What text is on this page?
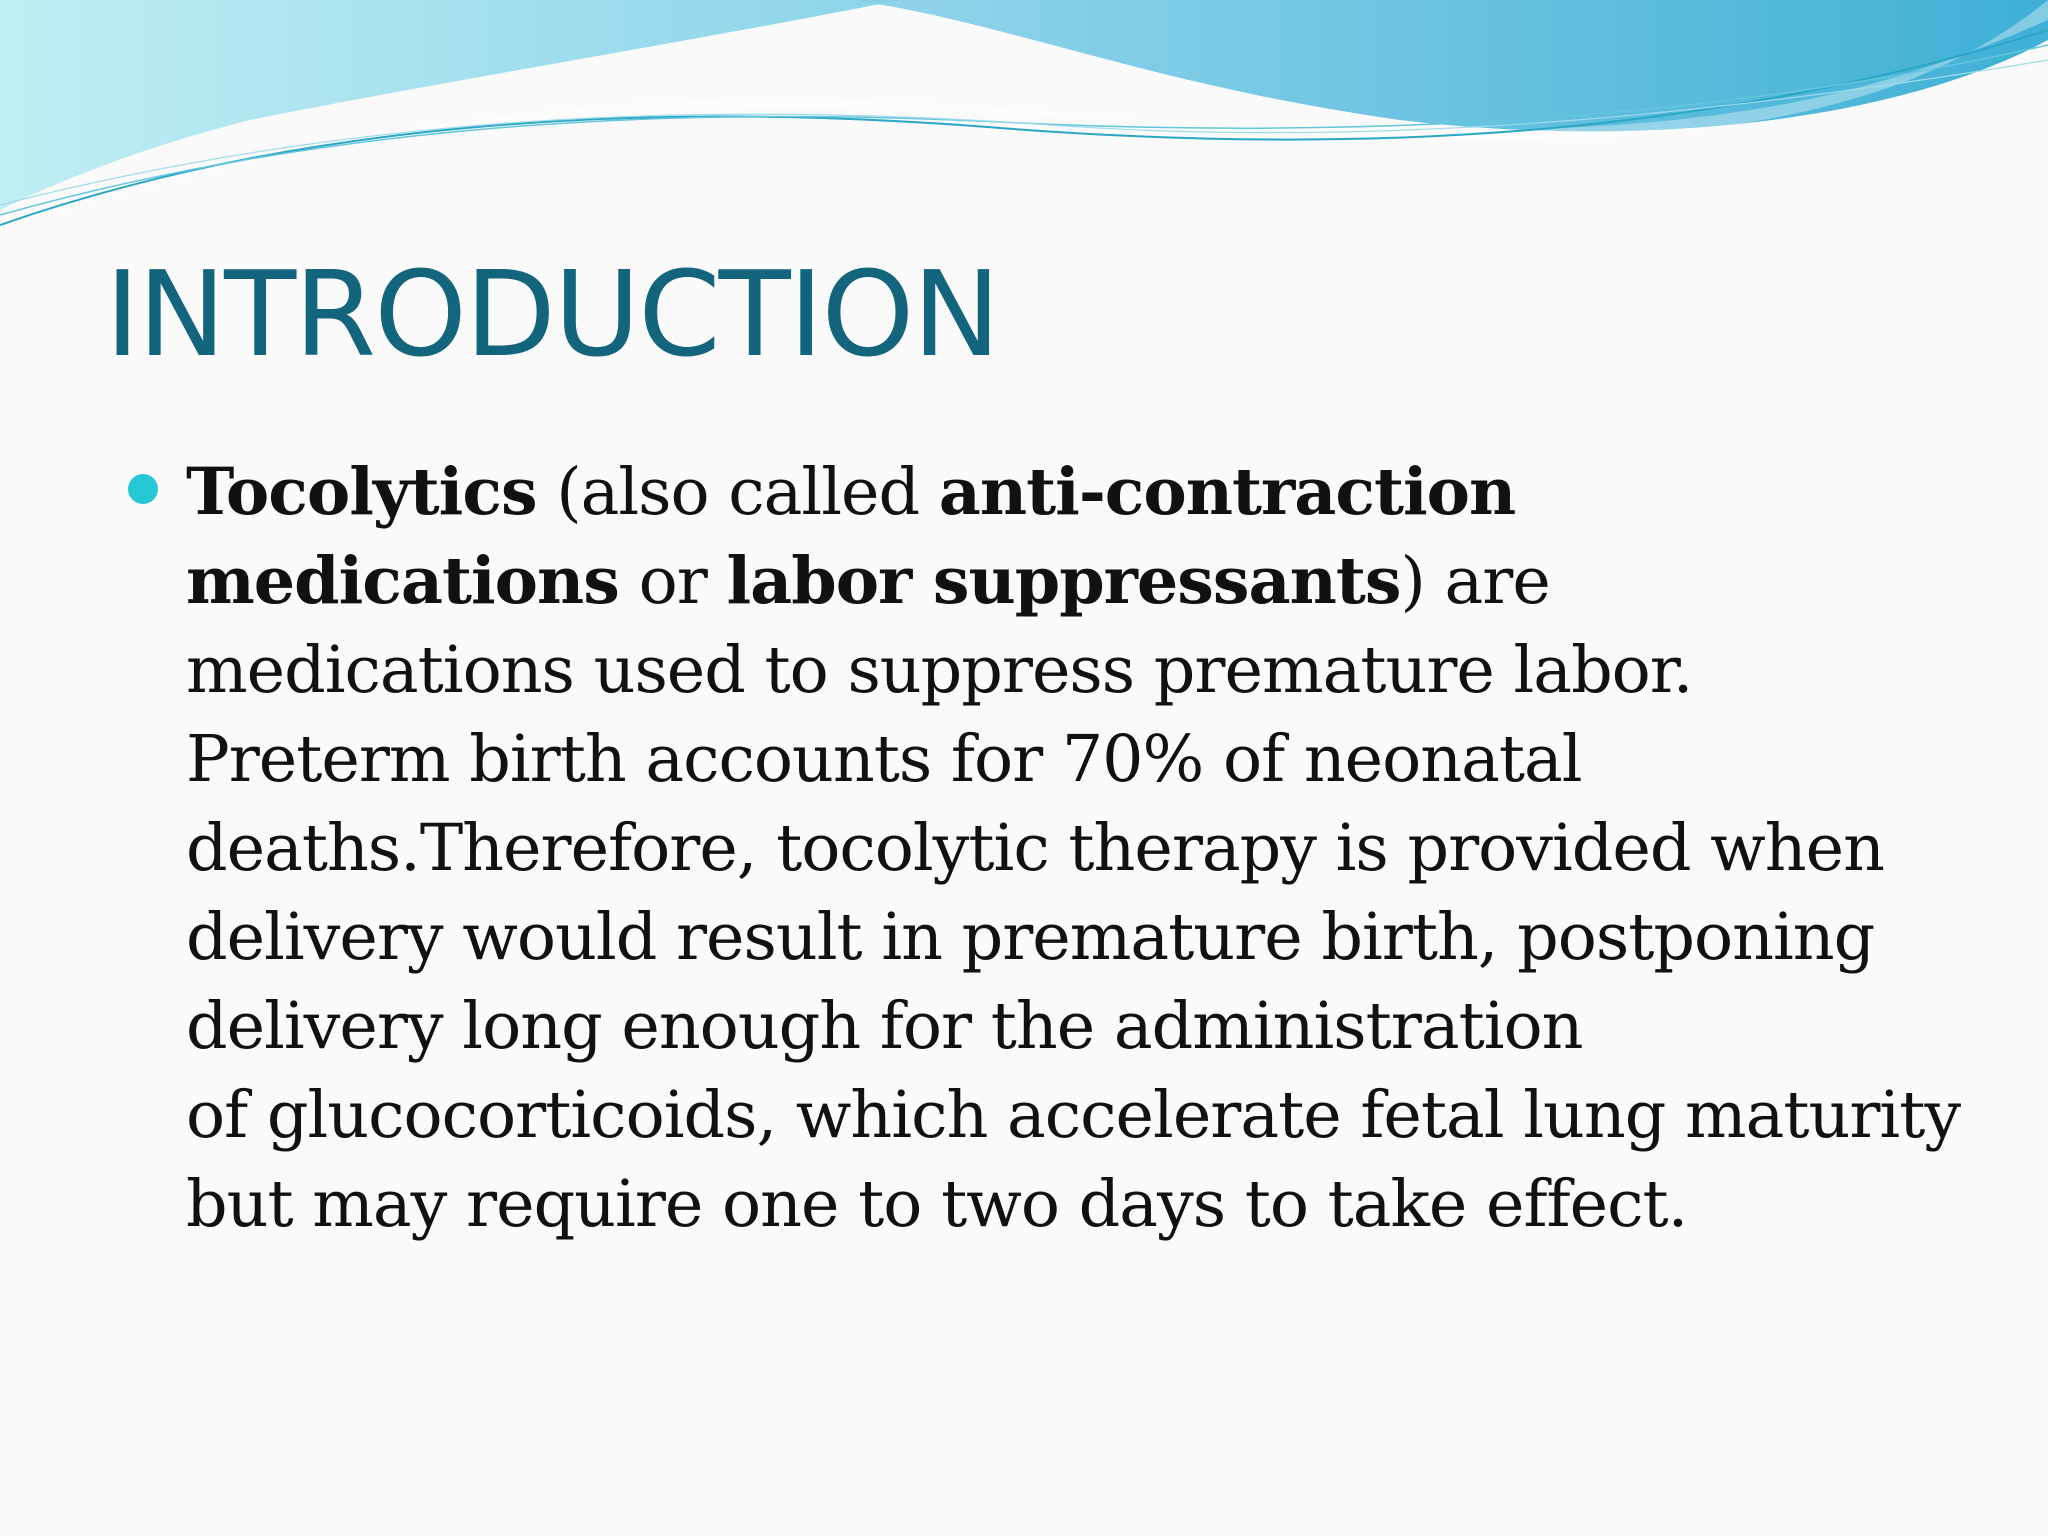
INTRODUCTION
Tocolytics (also called anti-contraction
medications or labor suppressants) are
medications used to suppress premature labor.
Preterm birth accounts for 70% of neonatal
deaths.Therefore, tocolytic therapy is provided when
delivery would result in premature birth, postponing
delivery long enough for the administration
of glucocorticoids, which accelerate fetal lung maturity
but may require one to two days to take effect.
